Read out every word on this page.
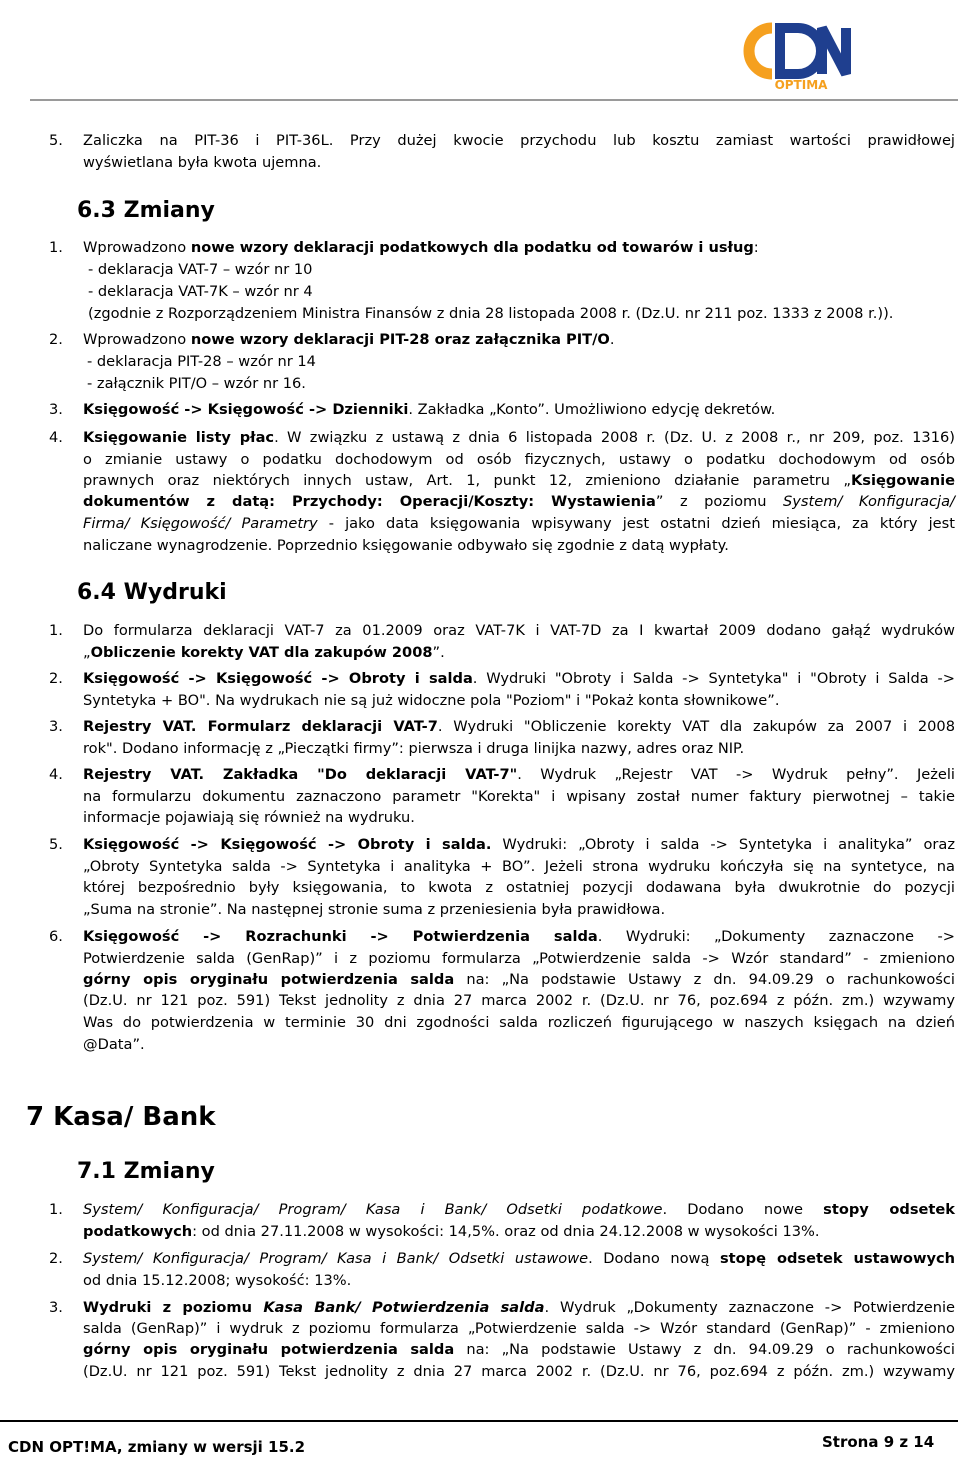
OPTIMA
5. Zaliczka na PIT-36 i PIT-36L. Przy dużej kwocie przychodu lub kosztu zamiast wartości prawidłowej
wyświetlana była kwota ujemna.
6.3 Zmiany
1. Wprowadzono nowe wzory deklaracji podatkowych dla podatku od towarów i usług:
- deklaracja VAT-7 – wzór nr 10
- deklaracja VAT-7K – wzór nr 4
(zgodnie z Rozporządzeniem Ministra Finansów z dnia 28 listopada 2008 r. (Dz.U. nr 211 poz. 1333 z 2008 r.)).
2. Wprowadzono nowe wzory deklaracji PIT-28 oraz załącznika PIT/O.
- deklaracja PIT-28 – wzór nr 14
- załącznik PIT/O – wzór nr 16.
3. Księgowość -> Księgowość -> Dzienniki. Zakładka „Konto”. Umożliwiono edycję dekretów.
4. Księgowanie listy płac. W związku z ustawą z dnia 6 listopada 2008 r. (Dz. U. z 2008 r., nr 209, poz. 1316)
o zmianie ustawy o podatku dochodowym od osób fizycznych, ustawy o podatku dochodowym od osób
prawnych oraz niektórych innych ustaw, Art. 1, punkt 12, zmieniono działanie parametru „Księgowanie
dokumentów z datą: Przychody: Operacji/Koszty: Wystawienia” z poziomu System/ Konfiguracja/
Firma/ Księgowość/ Parametry - jako data księgowania wpisywany jest ostatni dzień miesiąca, za który jest
naliczane wynagrodzenie. Poprzednio księgowanie odbywało się zgodnie z datą wypłaty.
6.4 Wydruki
1. Do formularza deklaracji VAT-7 za 01.2009 oraz VAT-7K i VAT-7D za I kwartał 2009 dodano gałąź wydruków
„Obliczenie korekty VAT dla zakupów 2008”.
2. Księgowość -> Księgowość -> Obroty i salda. Wydruki "Obroty i Salda -> Syntetyka" i "Obroty i Salda ->
Syntetyka + BO". Na wydrukach nie są już widoczne pola "Poziom" i "Pokaż konta słownikowe”.
3. Rejestry VAT. Formularz deklaracji VAT-7. Wydruki "Obliczenie korekty VAT dla zakupów za 2007 i 2008
rok". Dodano informację z „Pieczątki firmy”: pierwsza i druga linijka nazwy, adres oraz NIP.
4. Rejestry VAT. Zakładka "Do deklaracji VAT-7". Wydruk „Rejestr VAT -> Wydruk pełny”. Jeżeli
na formularzu dokumentu zaznaczono parametr "Korekta" i wpisany został numer faktury pierwotnej – takie
informacje pojawiają się również na wydruku.
5. Księgowość -> Księgowość -> Obroty i salda. Wydruki: „Obroty i salda -> Syntetyka i analityka” oraz
„Obroty Syntetyka salda -> Syntetyka i analityka + BO”. Jeżeli strona wydruku kończyła się na syntetyce, na
której bezpośrednio były księgowania, to kwota z ostatniej pozycji dodawana była dwukrotnie do pozycji
„Suma na stronie”. Na następnej stronie suma z przeniesienia była prawidłowa.
6. Księgowość -> Rozrachunki -> Potwierdzenia salda. Wydruki: „Dokumenty zaznaczone ->
Potwierdzenie salda (GenRap)” i z poziomu formularza „Potwierdzenie salda -> Wzór standard” - zmieniono
górny opis oryginału potwierdzenia salda na: „Na podstawie Ustawy z dn. 94.09.29 o rachunkowości
(Dz.U. nr 121 poz. 591) Tekst jednolity z dnia 27 marca 2002 r. (Dz.U. nr 76, poz.694 z późn. zm.) wzywamy
Was do potwierdzenia w terminie 30 dni zgodności salda rozliczeń figurującego w naszych księgach na dzień
@Data”.
7 Kasa/ Bank
7.1 Zmiany
1. System/ Konfiguracja/ Program/ Kasa i Bank/ Odsetki podatkowe. Dodano nowe stopy odsetek
podatkowych: od dnia 27.11.2008 w wysokości: 14,5%. oraz od dnia 24.12.2008 w wysokości 13%.
2. System/ Konfiguracja/ Program/ Kasa i Bank/ Odsetki ustawowe. Dodano nową stopę odsetek ustawowych
od dnia 15.12.2008; wysokość: 13%.
3. Wydruki z poziomu Kasa Bank/ Potwierdzenia salda. Wydruk „Dokumenty zaznaczone -> Potwierdzenie
salda (GenRap)” i wydruk z poziomu formularza „Potwierdzenie salda -> Wzór standard (GenRap)” - zmieniono
górny opis oryginału potwierdzenia salda na: „Na podstawie Ustawy z dn. 94.09.29 o rachunkowości
(Dz.U. nr 121 poz. 591) Tekst jednolity z dnia 27 marca 2002 r. (Dz.U. nr 76, poz.694 z późn. zm.) wzywamy
CDN OPT!MA, zmiany w wersji 15.2	Strona 9 z 14
